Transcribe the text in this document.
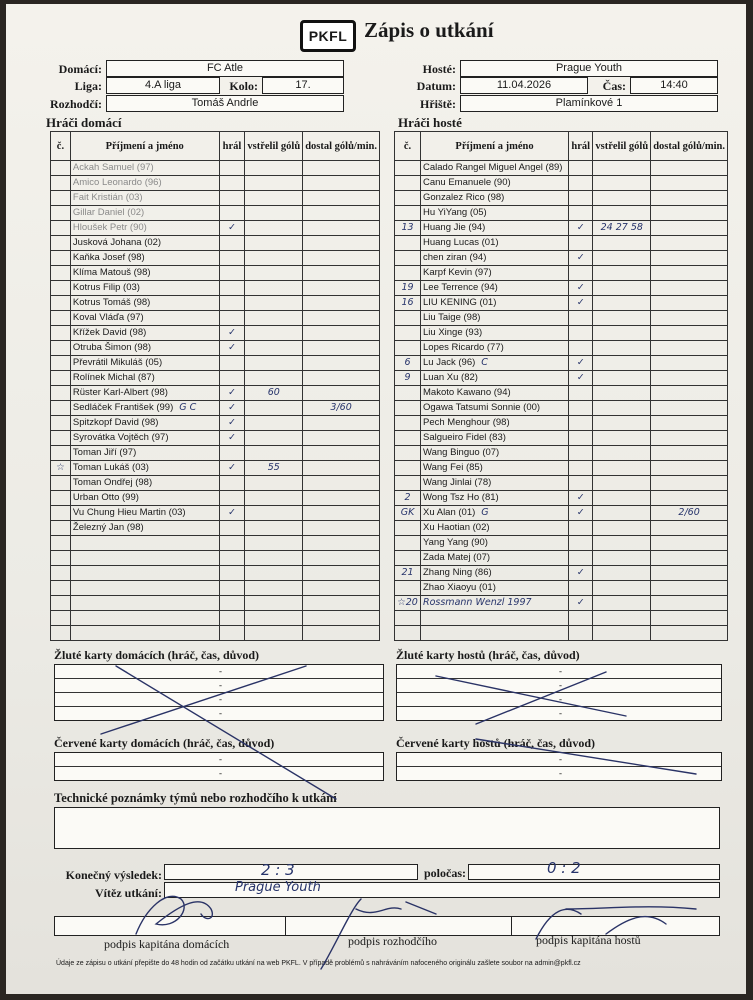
PKFL Zápis o utkání
Domácí:	FC Atle
Liga:	4.A liga	Kolo:	17.
Rozhodčí:	Tomáš Andrle
Hosté:	Prague Youth
Datum:	11.04.2026	Čas:	14:40
Hřiště:	Plamínkové 1
Hráči domácí	Hráči hosté
č.	Příjmení a jméno	hrál	vstřelil gólů	dostal gólů/min.
	Ackah Samuel (97)			
	Amico Leonardo (96)			
	Fait Kristián (03)			
	Gillar Daniel (02)			
	Hloušek Petr (90)	✓		
	Jusková Johana (02)			
	Kaňka Josef (98)			
	Klíma Matouš (98)			
	Kotrus Filip (03)			
	Kotrus Tomáš (98)			
	Koval Vláďa (97)			
	Křížek David (98)	✓		
	Otruba Šimon (98)	✓		
	Převrátil Mikuláš (05)			
	Rolínek Michal (87)			
	Rüster Karl-Albert (98)	✓	60	
	Sedláček František (99) G C	✓		3/60
	Spitzkopf David (98)	✓		
	Syrovátka Vojtěch (97)	✓		
	Toman Jiří (97)			
☆	Toman Lukáš (03)	✓	55	
	Toman Ondřej (98)			
	Urban Otto (99)			
	Vu Chung Hieu Martin (03)	✓		
	Železný Jan (98)			

č.	Příjmení a jméno	hrál	vstřelil gólů	dostal gólů/min.
	Calado Rangel Miguel Angel (89)			
	Canu Emanuele (90)			
	Gonzalez Rico (98)			
	Hu YiYang (05)			
13	Huang Jie (94)	✓	24 27 58	
	Huang Lucas (01)			
	chen ziran (94)	✓		
	Karpf Kevin (97)			
19	Lee Terrence (94)	✓		
16	LIU KENING (01)	✓		
	Liu Taige (98)			
	Liu Xinge (93)			
	Lopes Ricardo (77)			
6	Lu Jack (96) C	✓		
9	Luan Xu (82)	✓		
	Makoto Kawano (94)			
	Ogawa Tatsumi Sonnie (00)			
	Pech Menghour (98)			
	Salgueiro Fidel (83)			
	Wang Binguo (07)			
	Wang Fei (85)			
	Wang Jinlai (78)			
2	Wong Tsz Ho (81)	✓		
GK	Xu Alan (01) G	✓		2/60
	Xu Haotian (02)			
	Yang Yang (90)			
	Zada Matej (07)			
21	Zhang Ning (86)	✓		
	Zhao Xiaoyu (01)			
☆20	Rossmann Wenzl 1997	✓		

Žluté karty domácích (hráč, čas, důvod)
-
-
-
-
Žluté karty hostů (hráč, čas, důvod)
-
-
-
-
Červené karty domácích (hráč, čas, důvod)
-
-
Červené karty hostů (hráč, čas, důvod)
-
-
Technické poznámky týmů nebo rozhodčího k utkání
Konečný výsledek:	2 : 3	poločas:	0 : 2
Vítěz utkání:	Prague Youth
podpis kapitána domácích	podpis rozhodčího	podpis kapitána hostů
Údaje ze zápisu o utkání přepište do 48 hodin od začátku utkání na web PKFL. V případě problémů s nahráváním nafoceného originálu zašlete soubor na admin@pkfl.cz
